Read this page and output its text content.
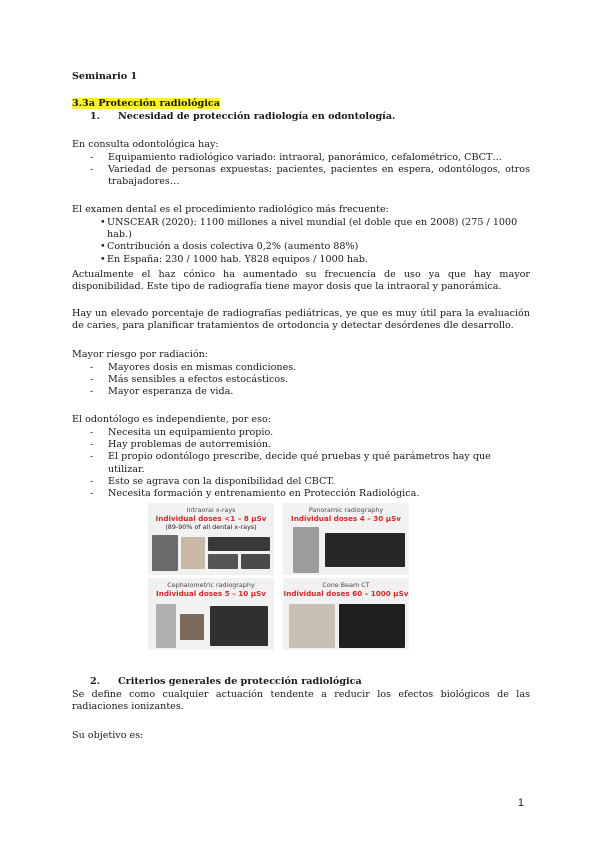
Seminario 1
3.3a Protección radiológica
1. Necesidad de protección radiología en odontología.
En consulta odontológica hay:
- Equipamiento radiológico variado: intraoral, panorámico, cefalométrico, CBCT…
- Variedad de personas expuestas: pacientes, pacientes en espera, odontólogos, otros trabajadores…
El examen dental es el procedimiento radiológico más frecuente:
• UNSCEAR (2020): 1100 millones a nivel mundial (el doble que en 2008) (275 / 1000 hab.)
• Contribución a dosis colectiva 0,2% (aumento 88%)
• En España: 230 / 1000 hab. Y828 equipos / 1000 hab.
Actualmente el haz cónico ha aumentado su frecuencia de uso ya que hay mayor disponibilidad. Este tipo de radiografía tiene mayor dosis que la intraoral y panorámica.
Hay un elevado porcentaje de radiografías pediátricas, ye que es muy útil para la evaluación de caries, para planificar tratamientos de ortodoncia y detectar desórdenes dle desarrollo.
Mayor riesgo por radiación:
- Mayores dosis en mismas condiciones.
- Más sensibles a efectos estocásticos.
- Mayor esperanza de vida.
El odontólogo es independiente, por eso:
- Necesita un equipamiento propio.
- Hay problemas de autorremisión.
- El propio odontólogo prescribe, decide qué pruebas y qué parámetros hay que utilizar.
- Esto se agrava con la disponibilidad del CBCT.
- Necesita formación y entrenamiento en Protección Radiológica.
Intraoral x-rays
Individual doses <1 – 8 µSv
(89-90% of all dental x-rays)
Panoramic radiography
Individual doses 4 – 30 µSv
Cephalometric radiography
Individual doses 5 – 10 µSv
Cone Beam CT
Individual doses 60 – 1000 µSv
2. Criterios generales de protección radiológica
Se define como cualquier actuación tendente a reducir los efectos biológicos de las radiaciones ionizantes.
Su objetivo es:
1
